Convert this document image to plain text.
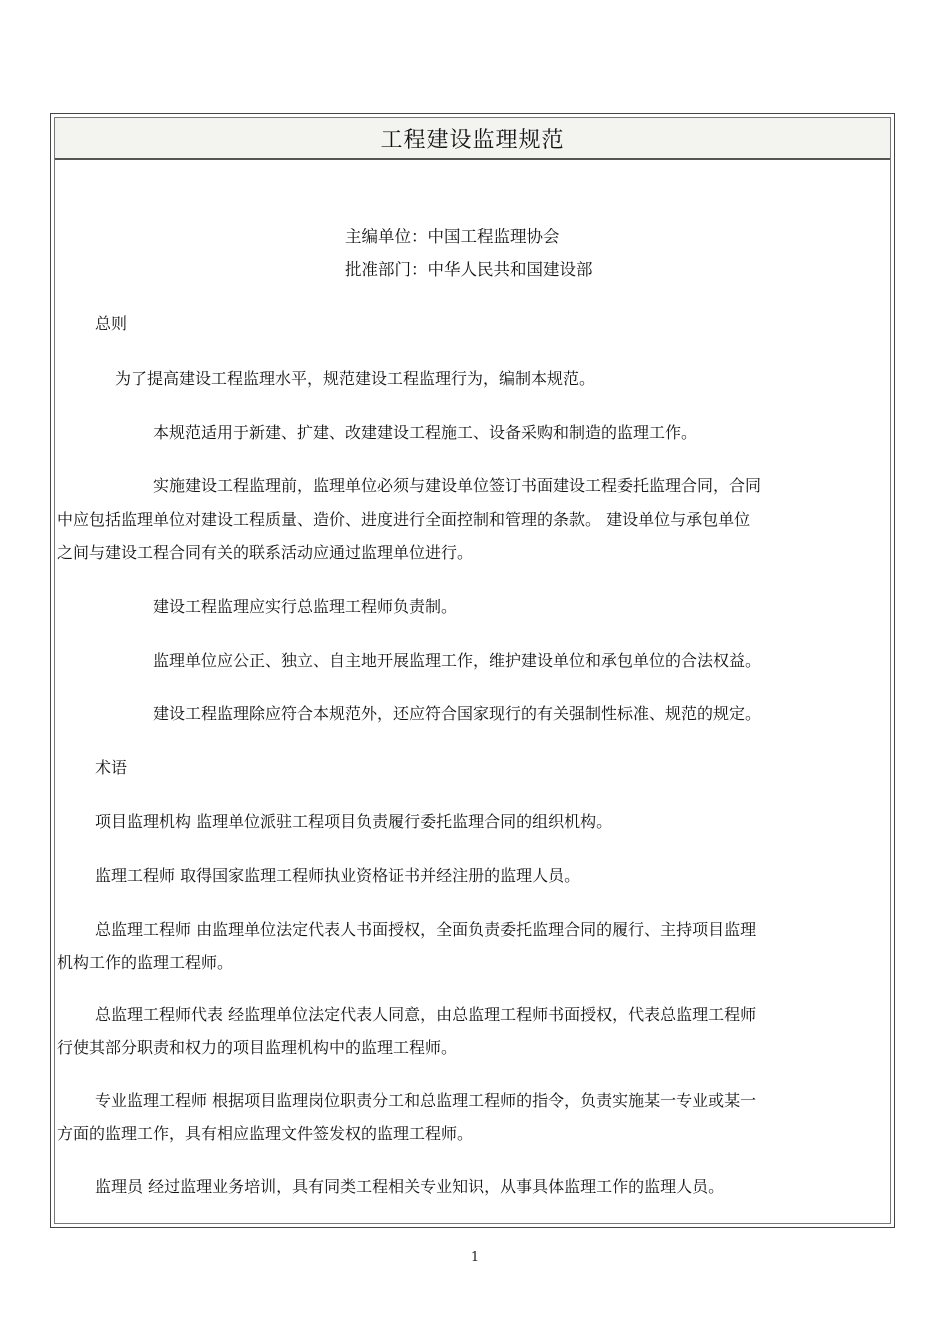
工程建设监理规范
主编单位：中国工程监理协会
批准部门：中华人民共和国建设部
总则
为了提高建设工程监理水平，规范建设工程监理行为，编制本规范。
本规范适用于新建、扩建、改建建设工程施工、设备采购和制造的监理工作。
实施建设工程监理前，监理单位必须与建设单位签订书面建设工程委托监理合同，合同
中应包括监理单位对建设工程质量、造价、进度进行全面控制和管理的条款。 建设单位与承包单位
之间与建设工程合同有关的联系活动应通过监理单位进行。
建设工程监理应实行总监理工程师负责制。
监理单位应公正、独立、自主地开展监理工作，维护建设单位和承包单位的合法权益。
建设工程监理除应符合本规范外，还应符合国家现行的有关强制性标准、规范的规定。
术语
项目监理机构 监理单位派驻工程项目负责履行委托监理合同的组织机构。
监理工程师 取得国家监理工程师执业资格证书并经注册的监理人员。
总监理工程师 由监理单位法定代表人书面授权，全面负责委托监理合同的履行、主持项目监理
机构工作的监理工程师。
总监理工程师代表 经监理单位法定代表人同意，由总监理工程师书面授权，代表总监理工程师
行使其部分职责和权力的项目监理机构中的监理工程师。
专业监理工程师 根据项目监理岗位职责分工和总监理工程师的指令，负责实施某一专业或某一
方面的监理工作，具有相应监理文件签发权的监理工程师。
监理员 经过监理业务培训，具有同类工程相关专业知识，从事具体监理工作的监理人员。
1
